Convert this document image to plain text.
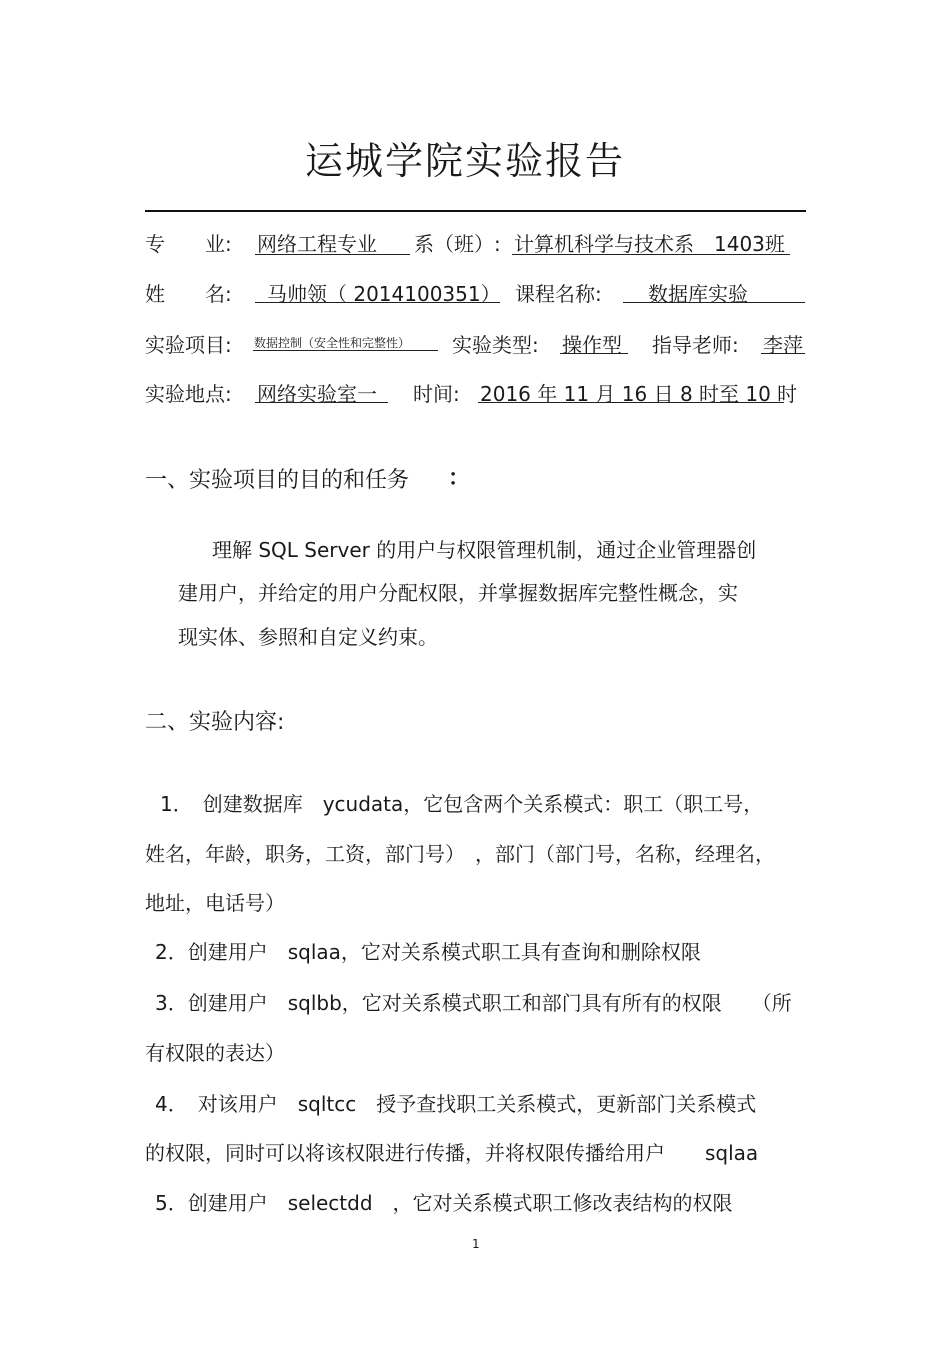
运城学院实验报告
专　　业: 网络工程专业 系（班）: 计算机科学与技术系　1403班
姓　　名: 马帅领（ 2014100351） 课程名称: 数据库实验
实验项目: 数据控制（安全性和完整性） 实验类型: 操作型 指导老师: 李萍
实验地点: 网络实验室一 时间: 2016 年 11 月 16 日 8 时至 10 时
一、实验项目的目的和任务 ：
理解 SQL Server 的用户与权限管理机制，通过企业管理器创
建用户，并给定的用户分配权限，并掌握数据库完整性概念，实
现实体、参照和自定义约束。
二、实验内容:
1．　创建数据库　ycudata，它包含两个关系模式：职工（职工号，
姓名，年龄，职务，工资，部门号）　，部门（部门号，名称，经理名，
地址，电话号）
2．创建用户　sqlaa，它对关系模式职工具有查询和删除权限
3．创建用户　sqlbb，它对关系模式职工和部门具有所有的权限　　（所
有权限的表达）
4．　对该用户　sqltcc　授予查找职工关系模式，更新部门关系模式
的权限，同时可以将该权限进行传播，并将权限传播给用户　　sqlaa
5．创建用户　selectdd　，它对关系模式职工修改表结构的权限
1
